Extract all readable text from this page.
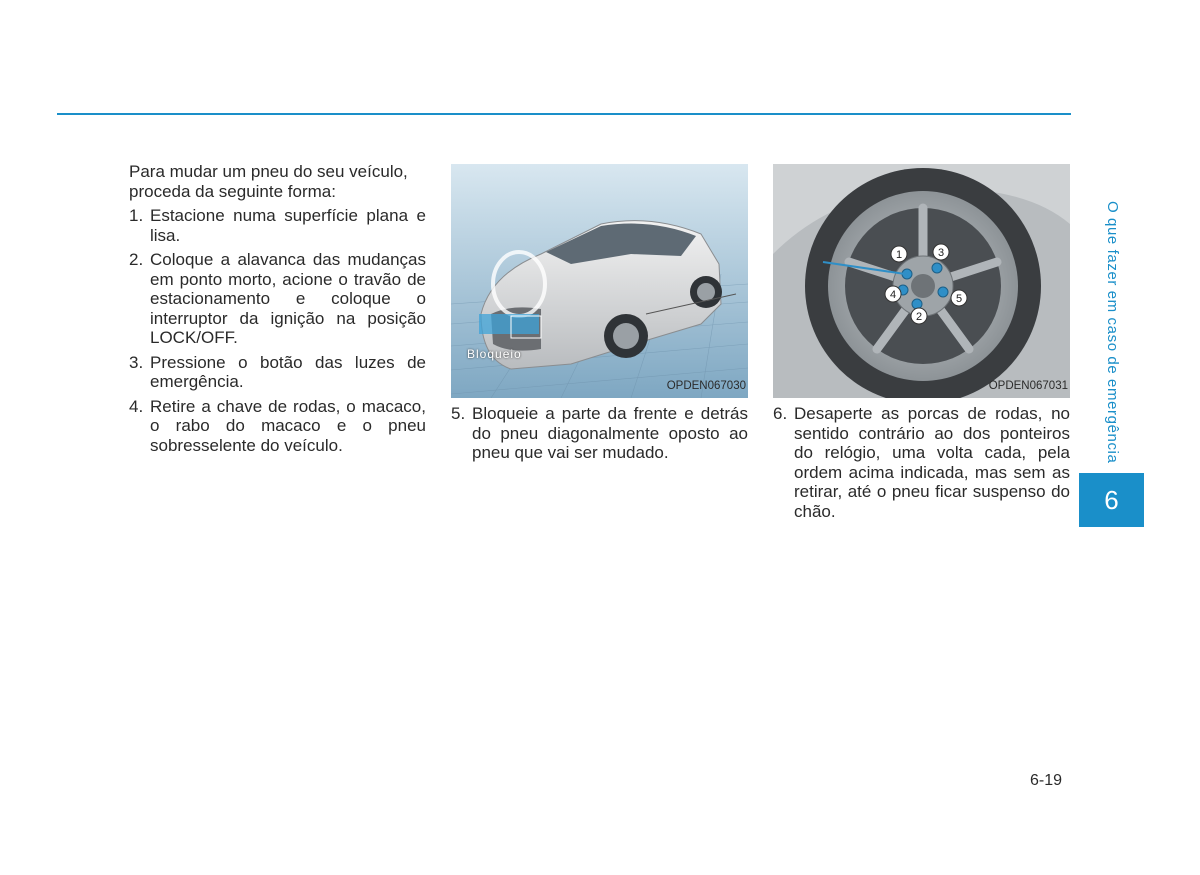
Para mudar um pneu do seu veículo, proceda da seguinte forma:

1. Estacione numa superfície plana e lisa.
2. Coloque a alavanca das mudanças em ponto morto, acione o travão de estacionamento e coloque o interruptor da ignição na posição LOCK/OFF.
3. Pressione o botão das luzes de emergência.
4. Retire a chave de rodas, o macaco, o rabo do macaco e o pneu sobresselente do veículo.
Bloqueio
OPDEN067030
5. Bloqueie a parte da frente e detrás do pneu diagonalmente oposto ao pneu que vai ser mudado.
1
2
3
4	5
OPDEN067031
6. Desaperte as porcas de rodas, no sentido contrário ao dos ponteiros do relógio, uma volta cada, pela ordem acima indicada, mas sem as retirar, até o pneu ficar suspenso do chão.
O que fazer em caso de emergência
6
6-19
